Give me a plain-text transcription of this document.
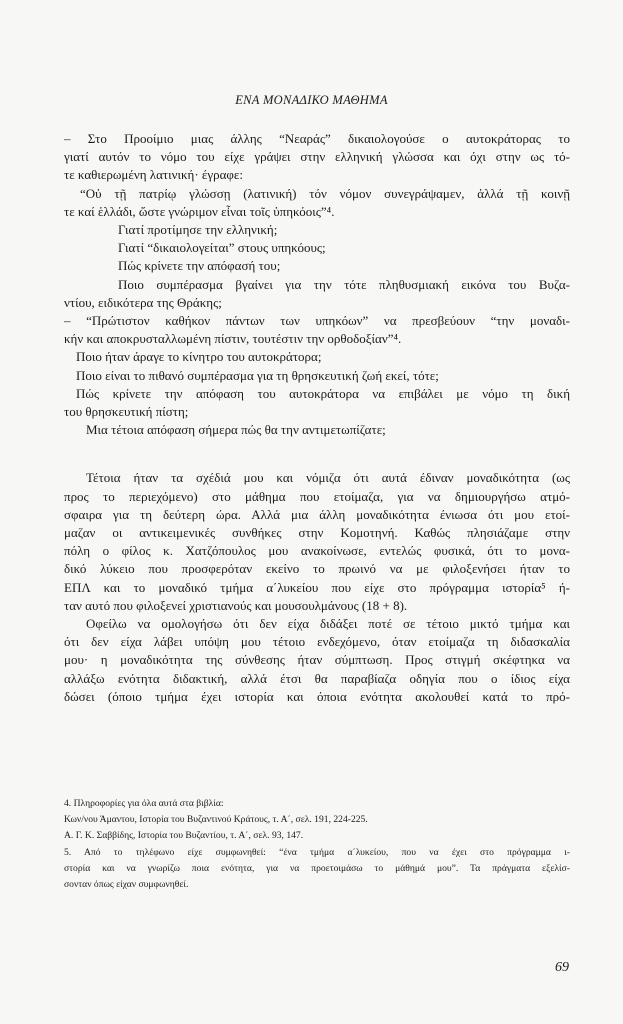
ΕΝΑ ΜΟΝΑΔΙΚΟ ΜΑΘΗΜΑ
– Στο Προοίμιο μιας άλλης “Νεαράς” δικαιολογούσε ο αυτοκράτορας το
γιατί αυτόν το νόμο του είχε γράψει στην ελληνική γλώσσα και όχι στην ως τό-
τε καθιερωμένη λατινική· έγραφε:
“Οὐ τῇ πατρίῳ γλώσσῃ (λατινική) τόν νόμον συνεγράψαμεν, ἀλλά τῇ κοινῇ
τε καί ἑλλάδι, ὥστε γνώριμον εἶναι τοῖς ὑπηκόοις”⁴.
Γιατί προτίμησε την ελληνική;
Γιατί “δικαιολογείται” στους υπηκόους;
Πώς κρίνετε την απόφασή του;
Ποιο συμπέρασμα βγαίνει για την τότε πληθυσμιακή εικόνα του Βυζα-
ντίου, ειδικότερα της Θράκης;
– “Πρώτιστον καθήκον πάντων των υπηκόων” να πρεσβεύουν “την μοναδι-
κήν και αποκρυσταλλωμένη πίστιν, τουτέστιν την ορθοδοξίαν”⁴.
Ποιο ήταν άραγε το κίνητρο του αυτοκράτορα;
Ποιο είναι το πιθανό συμπέρασμα για τη θρησκευτική ζωή εκεί, τότε;
Πώς κρίνετε την απόφαση του αυτοκράτορα να επιβάλει με νόμο τη δική
του θρησκευτική πίστη;
Μια τέτοια απόφαση σήμερα πώς θα την αντιμετωπίζατε;
Τέτοια ήταν τα σχέδιά μου και νόμιζα ότι αυτά έδιναν μοναδικότητα (ως
προς το περιεχόμενο) στο μάθημα που ετοίμαζα, για να δημιουργήσω ατμό-
σφαιρα για τη δεύτερη ώρα. Αλλά μια άλλη μοναδικότητα ένιωσα ότι μου ετοί-
μαζαν οι αντικειμενικές συνθήκες στην Κομοτηνή. Καθώς πλησιάζαμε στην
πόλη ο φίλος κ. Χατζόπουλος μου ανακοίνωσε, εντελώς φυσικά, ότι το μονα-
δικό λύκειο που προσφερόταν εκείνο το πρωινό να με φιλοξενήσει ήταν το
ΕΠΛ και το μοναδικό τμήμα α΄λυκείου που είχε στο πρόγραμμα ιστορία⁵ ή-
ταν αυτό που φιλοξενεί χριστιανούς και μουσουλμάνους (18 + 8).
Οφείλω να ομολογήσω ότι δεν είχα διδάξει ποτέ σε τέτοιο μικτό τμήμα και
ότι δεν είχα λάβει υπόψη μου τέτοιο ενδεχόμενο, όταν ετοίμαζα τη διδασκαλία
μου· η μοναδικότητα της σύνθεσης ήταν σύμπτωση. Προς στιγμή σκέφτηκα να
αλλάξω ενότητα διδακτική, αλλά έτσι θα παραβίαζα οδηγία που ο ίδιος είχα
δώσει (όποιο τμήμα έχει ιστορία και όποια ενότητα ακολουθεί κατά το πρό-
4. Πληροφορίες για όλα αυτά στα βιβλία:
Κων/νου Άμαντου, Ιστορία του Βυζαντινού Κράτους, τ. Α΄, σελ. 191, 224-225.
Α. Γ. Κ. Σαββίδης, Ιστορία του Βυζαντίου, τ. Α΄, σελ. 93, 147.
5. Από το τηλέφωνο είχε συμφωνηθεί: “ένα τμήμα α΄λυκείου, που να έχει στο πρόγραμμα ι-
στορία και να γνωρίζω ποια ενότητα, για να προετοιμάσω το μάθημά μου”. Τα πράγματα εξελίσ-
σονταν όπως είχαν συμφωνηθεί.
69
